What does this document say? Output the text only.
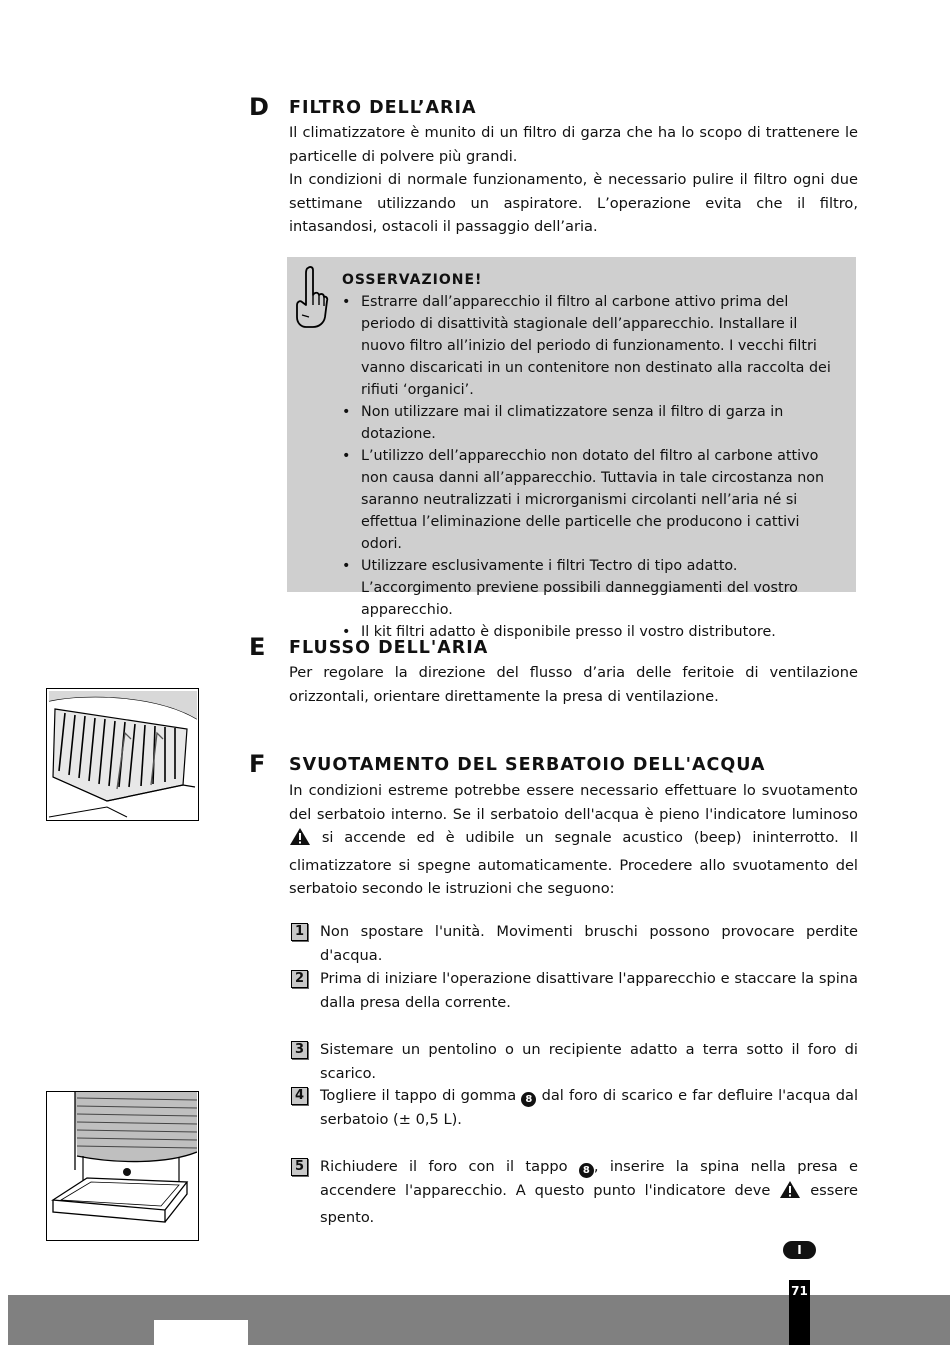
D FILTRO DELL’ARIA

Il climatizzatore è munito di un filtro di garza che ha lo scopo di trattenere le particelle di polvere più grandi.

In condizioni di normale funzionamento, è necessario pulire il filtro ogni due settimane utilizzando un aspiratore. L’operazione evita che il filtro, intasandosi, ostacoli il passaggio dell’aria.

OSSERVAZIONE!
• Estrarre dall’apparecchio il filtro al carbone attivo prima del periodo di disattività stagionale dell’apparecchio. Installare il nuovo filtro all’inizio del periodo di funzionamento. I vecchi filtri vanno discaricati in un contenitore non destinato alla raccolta dei rifiuti ‘organici’.
• Non utilizzare mai il climatizzatore senza il filtro di garza in dotazione.
• L’utilizzo dell’apparecchio non dotato del filtro al carbone attivo non causa danni all’apparecchio. Tuttavia in tale circostanza non saranno neutralizzati i microrganismi circolanti nell’aria né si effettua l’eliminazione delle particelle che producono i cattivi odori.
• Utilizzare esclusivamente i filtri Tectro di tipo adatto. L’accorgimento previene possibili danneggiamenti del vostro apparecchio.
• Il kit filtri adatto è disponibile presso il vostro distributore.
E FLUSSO DELL'ARIA

Per regolare la direzione del flusso d’aria delle feritoie di ventilazione orizzontali, orientare direttamente la presa di ventilazione.

F SVUOTAMENTO DEL SERBATOIO DELL'ACQUA

In condizioni estreme potrebbe essere necessario effettuare lo svuotamento del serbatoio interno. Se il serbatoio dell'acqua è pieno l'indicatore luminoso  si accende ed è udibile un segnale acustico (beep) ininterrotto. Il climatizzatore si spegne automaticamente. Procedere allo svuotamento del serbatoio secondo le istruzioni che seguono:

1 Non spostare l'unità. Movimenti bruschi possono provocare perdite d'acqua.
2 Prima di iniziare l'operazione disattivare l'apparecchio e staccare la spina dalla presa della corrente.
3 Sistemare un pentolino o un recipiente adatto a terra sotto il foro di scarico.
4 Togliere il tappo di gomma 8 dal foro di scarico e far defluire l'acqua dal serbatoio (± 0,5 L).
5 Richiudere il foro con il tappo 8 , inserire la spina nella presa e accendere l'apparecchio. A questo punto l'indicatore deve	essere spento.
I
71
